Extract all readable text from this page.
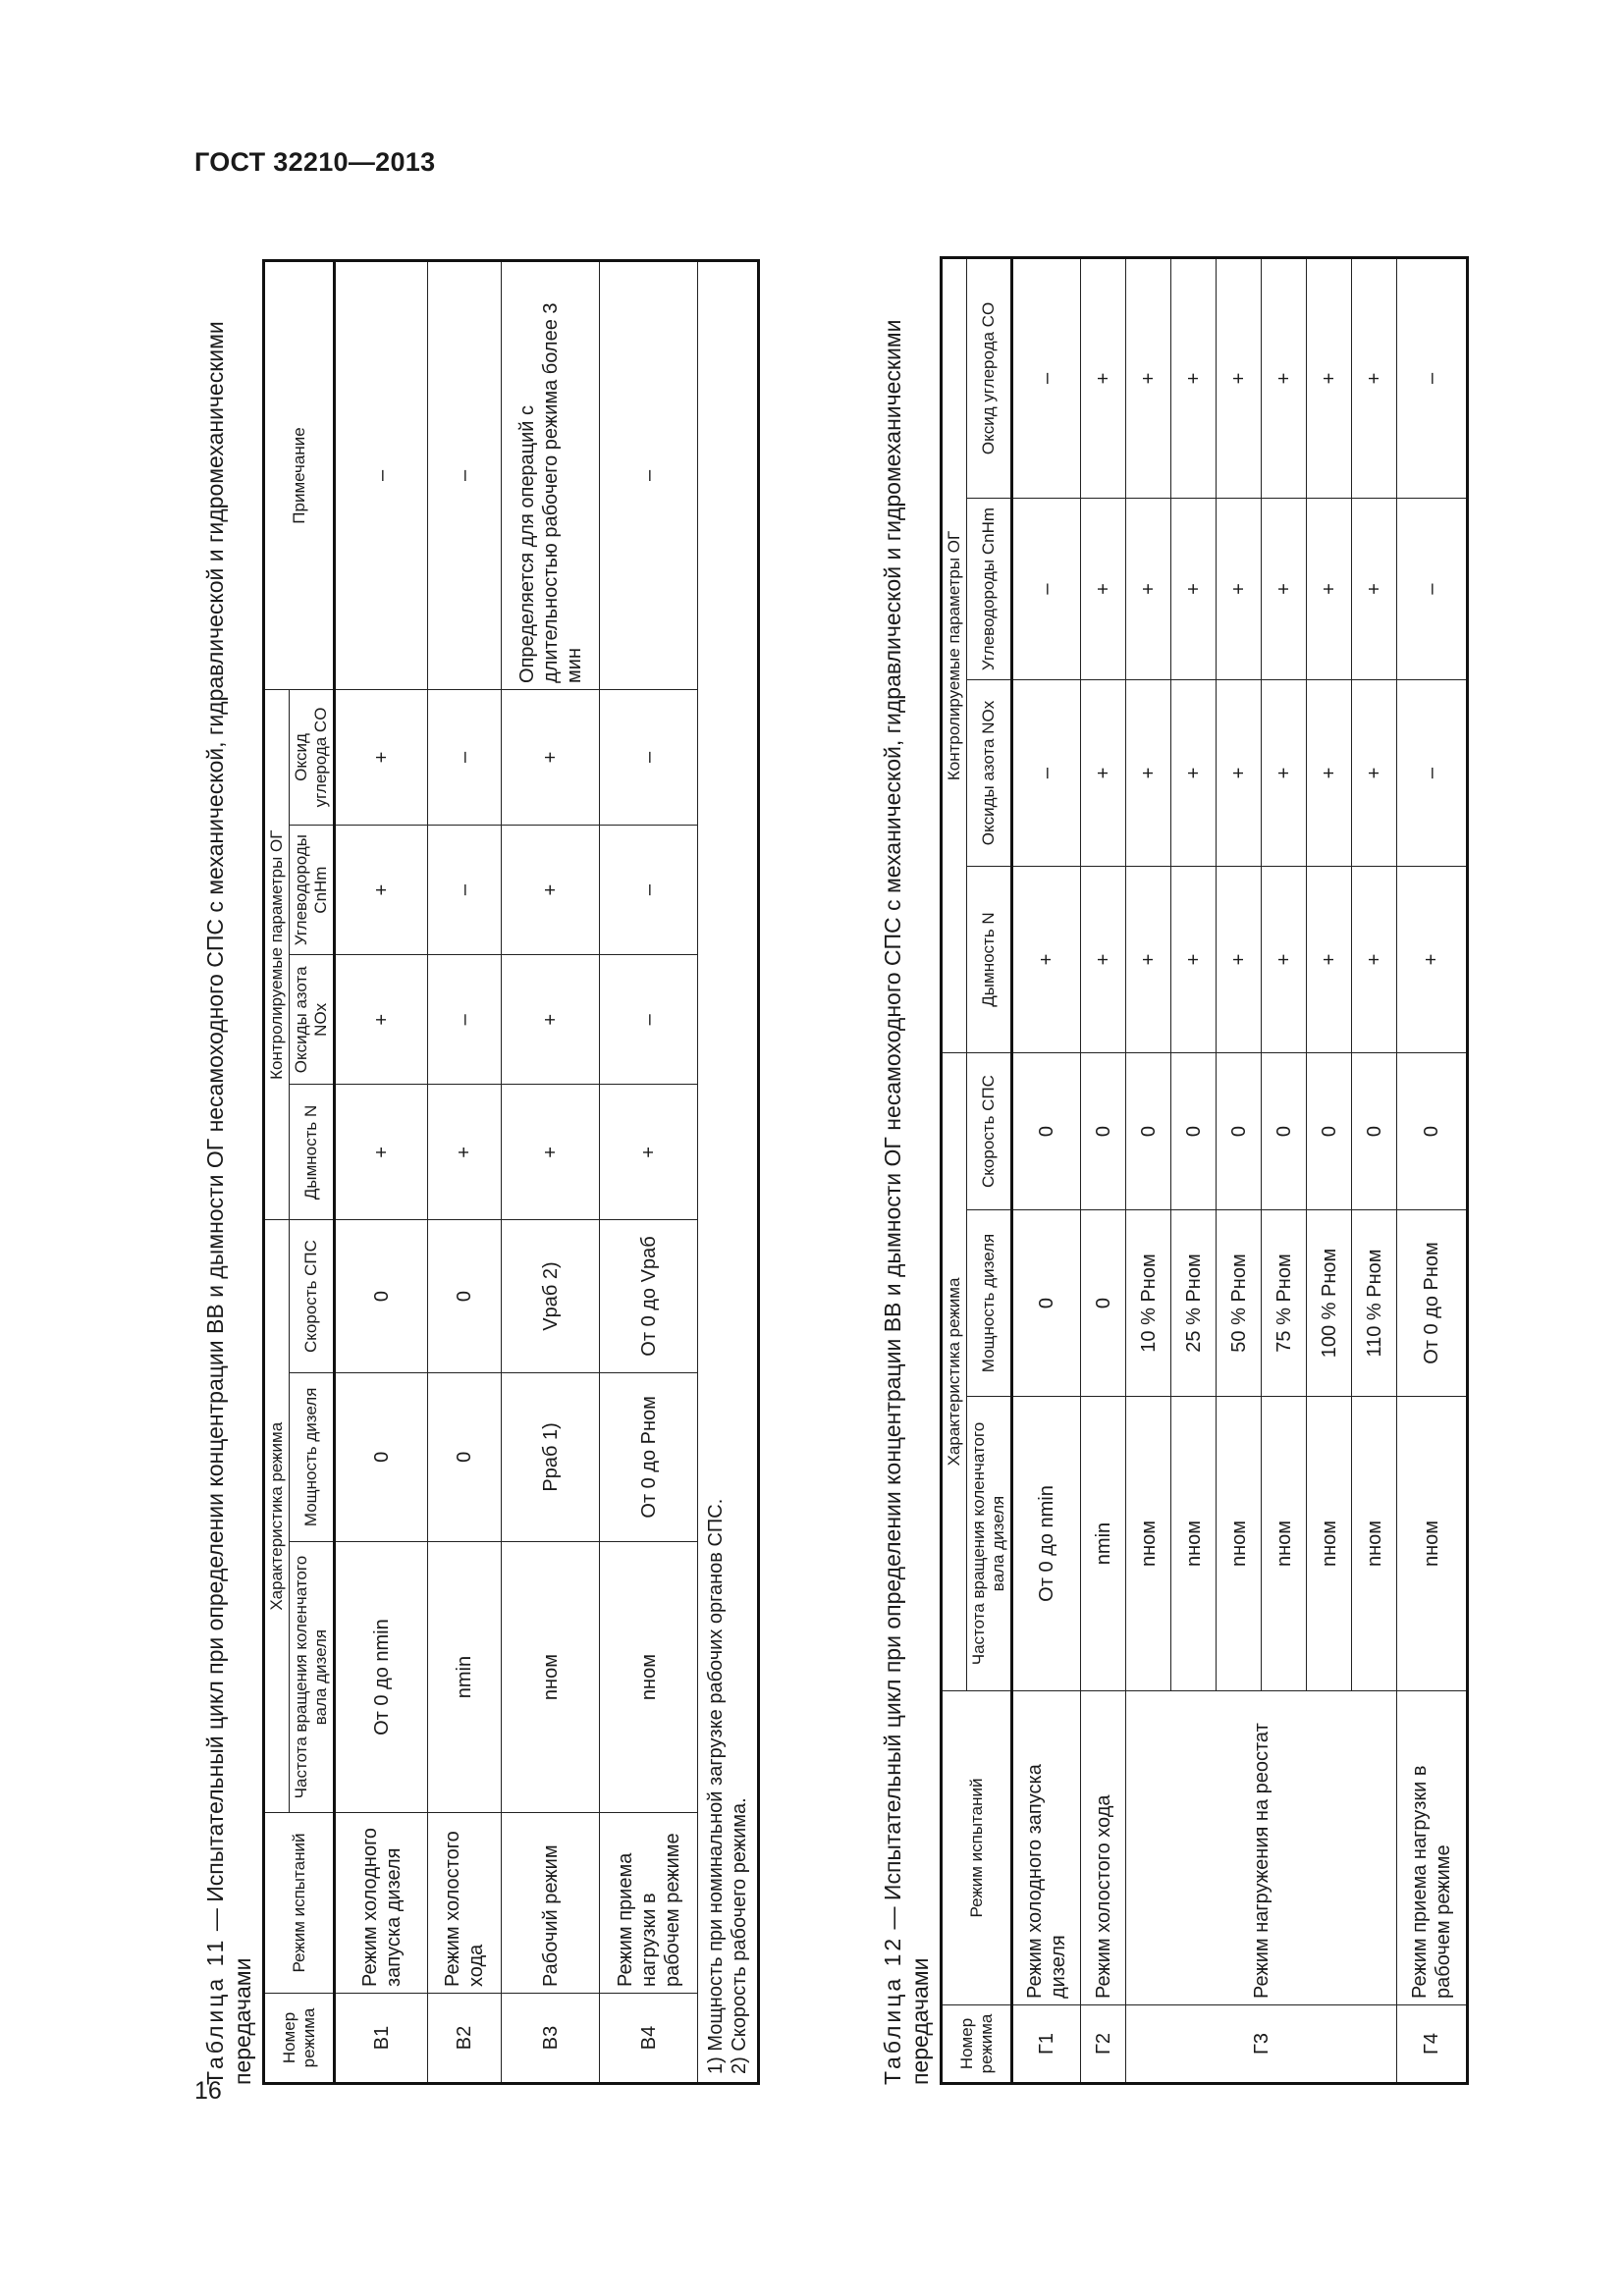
ГОСТ 32210—2013
16

Таблица 11 — Испытательный цикл при определении концентрации ВВ и дымности ОГ несамоходного СПС с механической, гидравлической и гидромеханическими передачами Номер режима	Режим испытаний	Характеристика режима			Контролируемые параметры ОГ				Примечание
		Частота вращения коленчатого вала дизеля	Мощность дизеля	Скорость СПС	Дымность N	Оксиды азота NOx	Углеводороды CnHm	Оксид углерода CO	
В1	Режим холодного запуска дизеля	От 0 до nmin	0	0	+	+	+	+	–
В2	Режим холостого хода	nmin	0	0	+	–	–	–	–
В3	Рабочий режим	nном	Pраб 1)	Vраб 2)	+	+	+	+	Определяется для операций с длительностью рабочего режима более 3 мин
В4	Режим приема нагрузки в рабочем режиме	nном	От 0 до Pном	От 0 до Vраб	+	–	–	–	–

1) Мощность при номинальной загрузке рабочих органов СПС. 2) Скорость рабочего режима.										Таблица 12 — Испытательный цикл при определении концентрации ВВ и дымности ОГ несамоходного СПС с механической, гидравлической и гидромеханическими передачами Номер режима	Режим испытаний	Характеристика режима			Контролируемые параметры ОГ			
		Частота вращения коленчатого вала дизеля	Мощность дизеля	Скорость СПС	Дымность N	Оксиды азота NOx	Углеводороды CnHm	Оксид углерода CO
Г1	Режим холодного запуска дизеля	От 0 до nmin	0	0	+	–	–	–
Г2	Режим холостого хода	nmin	0	0	+	+	+	+
Г3	Режим нагружения на реостат	nном	10 % Pном	0	+	+	+	+
		nном	25 % Pном	0	+	+	+	+
		nном	50 % Pном	0	+	+	+	+
		nном	75 % Pном	0	+	+	+	+
		nном	100 % Pном	0	+	+	+	+
		nном	110 % Pном	0	+	+	+	+
Г4	Режим приема нагрузки в рабочем режиме	nном	От 0 до Pном	0	+	–	–	–
